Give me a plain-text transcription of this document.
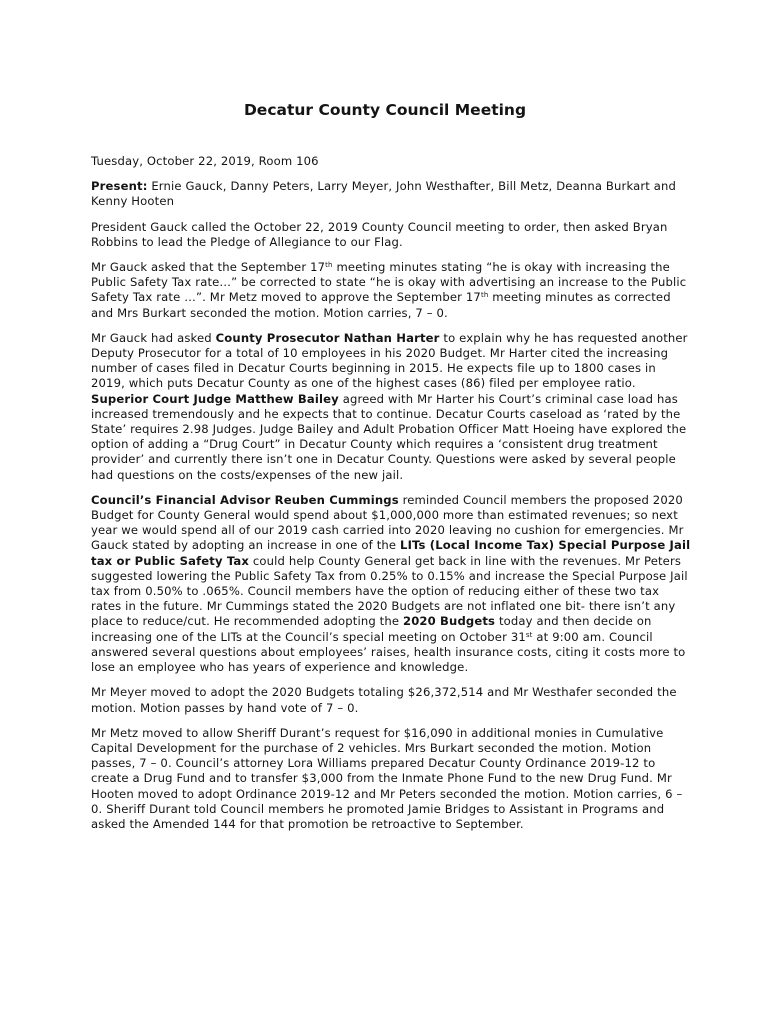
Decatur County Council Meeting

Tuesday, October 22, 2019, Room 106

Present: Ernie Gauck, Danny Peters, Larry Meyer, John Westhafter, Bill Metz, Deanna Burkart and Kenny Hooten

President Gauck called the October 22, 2019 County Council meeting to order, then asked Bryan Robbins to lead the Pledge of Allegiance to our Flag.

Mr Gauck asked that the September 17th meeting minutes stating “he is okay with increasing the Public Safety Tax rate…” be corrected to state “he is okay with advertising an increase to the Public Safety Tax rate …”. Mr Metz moved to approve the September 17th meeting minutes as corrected and Mrs Burkart seconded the motion. Motion carries, 7 – 0.

Mr Gauck had asked County Prosecutor Nathan Harter to explain why he has requested another Deputy Prosecutor for a total of 10 employees in his 2020 Budget. Mr Harter cited the increasing number of cases filed in Decatur Courts beginning in 2015. He expects file up to 1800 cases in 2019, which puts Decatur County as one of the highest cases (86) filed per employee ratio. Superior Court Judge Matthew Bailey agreed with Mr Harter his Court’s criminal case load has increased tremendously and he expects that to continue. Decatur Courts caseload as ‘rated by the State’ requires 2.98 Judges. Judge Bailey and Adult Probation Officer Matt Hoeing have explored the option of adding a “Drug Court” in Decatur County which requires a ‘consistent drug treatment provider’ and currently there isn’t one in Decatur County. Questions were asked by several people had questions on the costs/expenses of the new jail.

Council’s Financial Advisor Reuben Cummings reminded Council members the proposed 2020 Budget for County General would spend about $1,000,000 more than estimated revenues; so next year we would spend all of our 2019 cash carried into 2020 leaving no cushion for emergencies. Mr Gauck stated by adopting an increase in one of the LITs (Local Income Tax) Special Purpose Jail tax or Public Safety Tax could help County General get back in line with the revenues. Mr Peters suggested lowering the Public Safety Tax from 0.25% to 0.15% and increase the Special Purpose Jail tax from 0.50% to .065%. Council members have the option of reducing either of these two tax rates in the future. Mr Cummings stated the 2020 Budgets are not inflated one bit- there isn’t any place to reduce/cut. He recommended adopting the 2020 Budgets today and then decide on increasing one of the LITs at the Council’s special meeting on October 31st at 9:00 am. Council answered several questions about employees’ raises, health insurance costs, citing it costs more to lose an employee who has years of experience and knowledge.

Mr Meyer moved to adopt the 2020 Budgets totaling $26,372,514 and Mr Westhafer seconded the motion. Motion passes by hand vote of 7 – 0.

Mr Metz moved to allow Sheriff Durant’s request for $16,090 in additional monies in Cumulative Capital Development for the purchase of 2 vehicles. Mrs Burkart seconded the motion. Motion passes, 7 – 0. Council’s attorney Lora Williams prepared Decatur County Ordinance 2019-12 to create a Drug Fund and to transfer $3,000 from the Inmate Phone Fund to the new Drug Fund. Mr Hooten moved to adopt Ordinance 2019-12 and Mr Peters seconded the motion. Motion carries, 6 – 0. Sheriff Durant told Council members he promoted Jamie Bridges to Assistant in Programs and asked the Amended 144 for that promotion be retroactive to September.
